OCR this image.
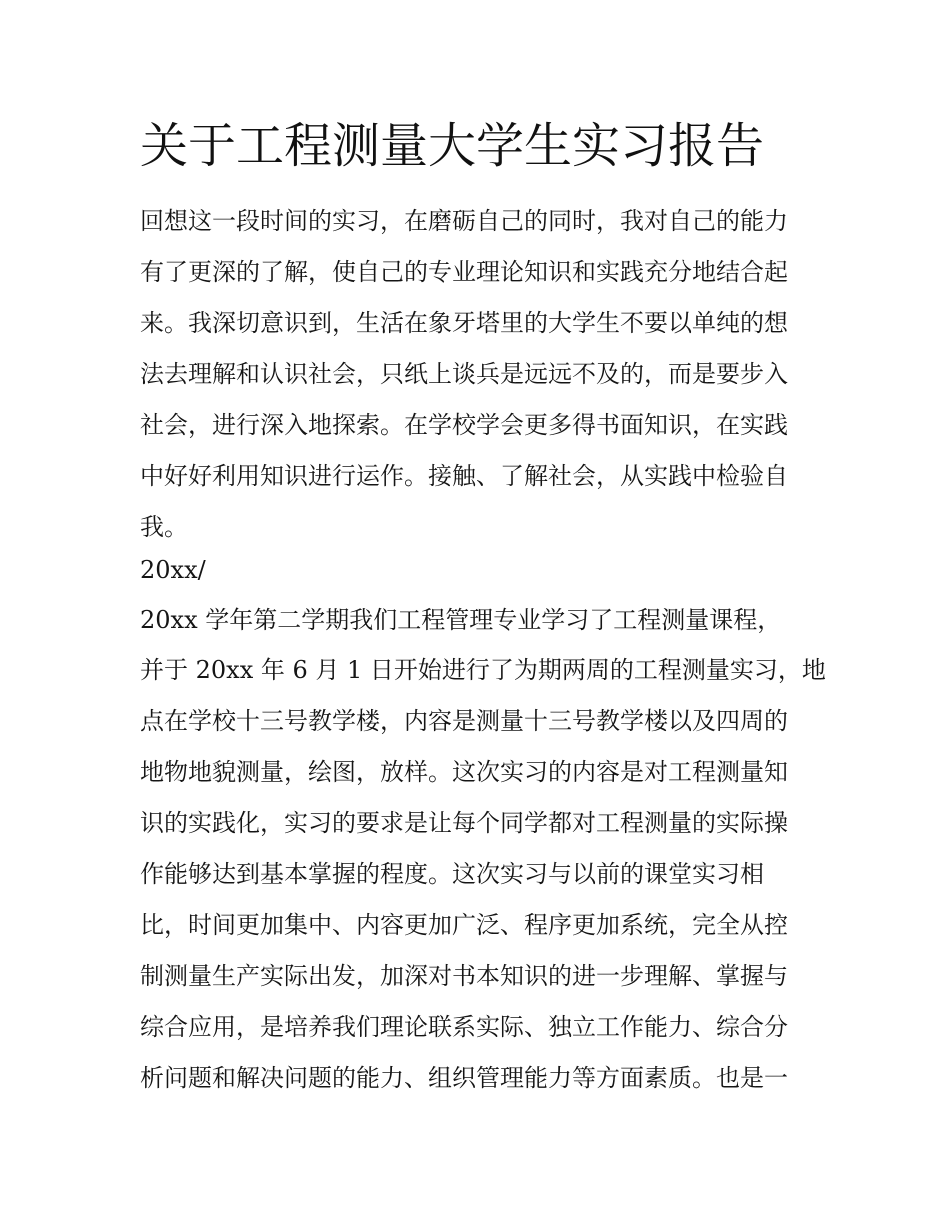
关于工程测量大学生实习报告

回想这一段时间的实习，在磨砺自己的同时，我对自己的能力

有了更深的了解，使自己的专业理论知识和实践充分地结合起

来。我深切意识到，生活在象牙塔里的大学生不要以单纯的想

法去理解和认识社会，只纸上谈兵是远远不及的，而是要步入

社会，进行深入地探索。在学校学会更多得书面知识，在实践

中好好利用知识进行运作。接触、了解社会，从实践中检验自

我。

20xx/

20xx 学年第二学期我们工程管理专业学习了工程测量课程，

并于 20xx 年 6 月 1 日开始进行了为期两周的工程测量实习，地

点在学校十三号教学楼，内容是测量十三号教学楼以及四周的

地物地貌测量，绘图，放样。这次实习的内容是对工程测量知

识的实践化，实习的要求是让每个同学都对工程测量的实际操

作能够达到基本掌握的程度。这次实习与以前的课堂实习相

比，时间更加集中、内容更加广泛、程序更加系统，完全从控

制测量生产实际出发，加深对书本知识的进一步理解、掌握与

综合应用，是培养我们理论联系实际、独立工作能力、综合分

析问题和解决问题的能力、组织管理能力等方面素质。也是一
